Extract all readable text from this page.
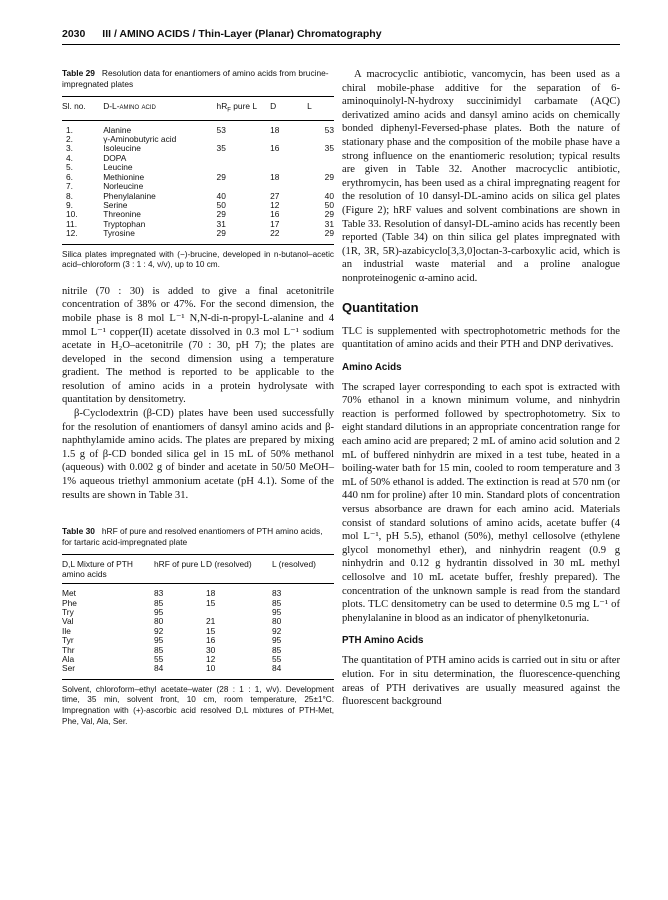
2030 III / AMINO ACIDS / Thin-Layer (Planar) Chromatography

Table 29 Resolution data for enantiomers of amino acids from brucine-impregnated plates

Sl. no.	D-L-amino acid	$hR_F$ pure L	D	L
1.	Alanine	53	18	53
2.	γ-Aminobutyric acid			
3.	Isoleucine	35	16	35
4.	DOPA			
5.	Leucine			
6.	Methionine	29	18	29
7.	Norleucine			
8.	Phenylalanine	40	27	40
9.	Serine	50	12	50
10.	Threonine	29	16	29
11.	Tryptophan	31	17	31
12.	Tyrosine	29	22	29

Silica plates impregnated with (−)-brucine, developed in n-butanol–acetic acid–chloroform (3 : 1 : 4, v/v), up to 10 cm.

nitrile (70 : 30) is added to give a final acetonitrile concentration of 38% or 47%. For the second dimension, the mobile phase is 8 mol L⁻¹ N,N-di-n-propyl-L-alanine and 4 mmol L⁻¹ copper(II) acetate dissolved in 0.3 mol L⁻¹ sodium acetate in H₂O–acetonitrile (70 : 30, pH 7); the plates are developed in the second dimension using a temperature gradient. The method is reported to be applicable to the resolution of amino acids in a protein hydrolysate with quantitation by densitometry.

β-Cyclodextrin (β-CD) plates have been used successfully for the resolution of enantiomers of dansyl amino acids and β-naphthylamide amino acids. The plates are prepared by mixing 1.5 g of β-CD bonded silica gel in 15 mL of 50% methanol (aqueous) with 0.002 g of binder and acetate in 50/50 MeOH–1% aqueous triethyl ammonium acetate (pH 4.1). Some of the results are shown in Table 31.

Table 30 hRF of pure and resolved enantiomers of PTH amino acids, for tartaric acid-impregnated plate

D,L Mixture of PTH amino acids	hRF of pure L	D (resolved)	L (resolved)
Met	83	18	83
Phe	85	15	85
Try	95		95
Val	80	21	80
Ile	92	15	92
Tyr	95	16	95
Thr	85	30	85
Ala	55	12	55
Ser	84	10	84

Solvent, chloroform–ethyl acetate–water (28 : 1 : 1, v/v). Development time, 35 min, solvent front, 10 cm, room temperature, 25±1°C. Impregnation with (+)-ascorbic acid resolved D,L mixtures of PTH-Met, Phe, Val, Ala, Ser.

A macrocyclic antibiotic, vancomycin, has been used as a chiral mobile-phase additive for the separation of 6-aminoquinolyl-N-hydroxy succinimidyl carbamate (AQC) derivatized amino acids and dansyl amino acids on chemically bonded diphenyl-Feversed-phase plates. Both the nature of stationary phase and the composition of the mobile phase have a strong influence on the enantiomeric resolution; typical results are given in Table 32. Another macrocyclic antibiotic, erythromycin, has been used as a chiral impregnating reagent for the resolution of 10 dansyl-DL-amino acids on silica gel plates (Figure 2); hRF values and solvent combinations are shown in Table 33. Resolution of dansyl-DL-amino acids has recently been reported (Table 34) on thin silica gel plates impregnated with (1R, 3R, 5R)-azabicyclo[3,3,0]octan-3-carboxylic acid, which is an industrial waste material and a proline analogue nonproteinogenic α-amino acid.

Quantitation

TLC is supplemented with spectrophotometric methods for the quantitation of amino acids and their PTH and DNP derivatives.

Amino Acids

The scraped layer corresponding to each spot is extracted with 70% ethanol in a known minimum volume, and ninhydrin reaction is performed followed by spectrophotometry. Six to eight standard dilutions in an appropriate concentration range for each amino acid are prepared; 2 mL of amino acid solution and 2 mL of buffered ninhydrin are mixed in a test tube, heated in a boiling-water bath for 15 min, cooled to room temperature and 3 mL of 50% ethanol is added. The extinction is read at 570 nm (or 440 nm for proline) after 10 min. Standard plots of concentration versus absorbance are drawn for each amino acid. Materials consist of standard solutions of amino acids, acetate buffer (4 mol L⁻¹, pH 5.5), ethanol (50%), methyl cellosolve (ethylene glycol monomethyl ether), and ninhydrin reagent (0.9 g ninhydrin and 0.12 g hydrantin dissolved in 30 mL methyl cellosolve and 10 mL acetate buffer, freshly prepared). The concentration of the unknown sample is read from the standard plots. TLC densitometry can be used to determine 0.5 mg L⁻¹ of phenylalanine in blood as an indicator of phenylketonuria.

PTH Amino Acids

The quantitation of PTH amino acids is carried out in situ or after elution. For in situ determination, the fluorescence-quenching areas of PTH derivatives are usually measured against the fluorescent background
